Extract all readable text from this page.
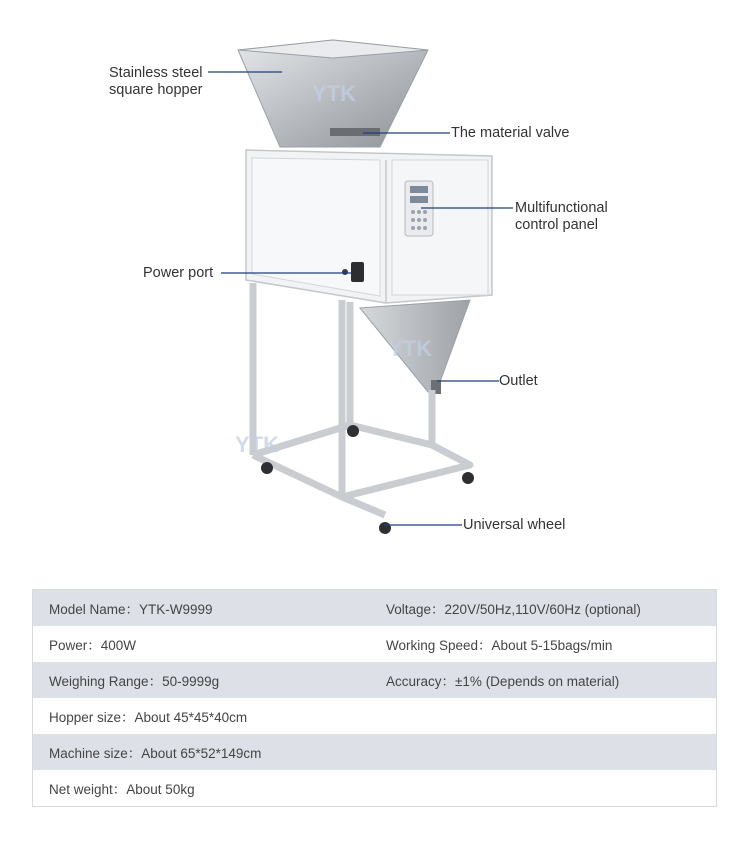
YTK
YTK
YTK
Stainless steel
square hopper
The material valve
Multifunctional
control panel
Power port
Outlet
Universal wheel
Model Name：YTK-W9999	Voltage：220V/50Hz,110V/60Hz (optional)
Power：400W	Working Speed：About 5-15bags/min
Weighing Range：50-9999g	Accuracy：±1% (Depends on material)
Hopper size：About 45*45*40cm	
Machine size：About 65*52*149cm	
Net weight：About 50kg	
